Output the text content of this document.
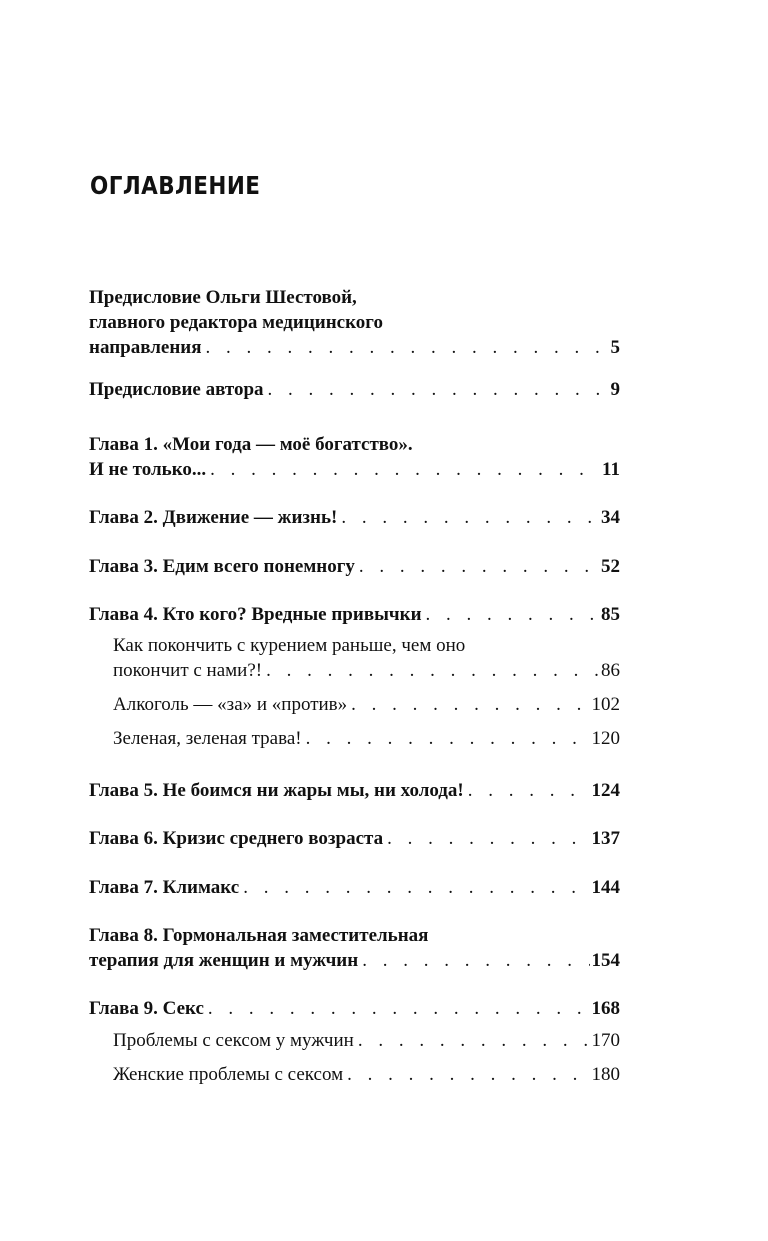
ОГЛАВЛЕНИЕ
Предисловие Ольги Шестовой,
главного редактора медицинского
направления . . .	5
Предисловие автора . . .	9
Глава 1. «Мои года — моё богатство».
И не только... . . .	11
Глава 2. Движение — жизнь! . . .	34
Глава 3. Едим всего понемногу . . .	52
Глава 4. Кто кого? Вредные привычки . . .	85
Как покончить с курением раньше, чем оно
покончит с нами?! . . .	86
Алкоголь — «за» и «против» . . .	102
Зеленая, зеленая трава! . . .	120
Глава 5. Не боимся ни жары мы, ни холода! . . .	124
Глава 6. Кризис среднего возраста . . .	137
Глава 7. Климакс . . .	144
Глава 8. Гормональная заместительная
терапия для женщин и мужчин . . .	154
Глава 9. Секс . . .	168
Проблемы с сексом у мужчин . . .	170
Женские проблемы с сексом . . .	180
